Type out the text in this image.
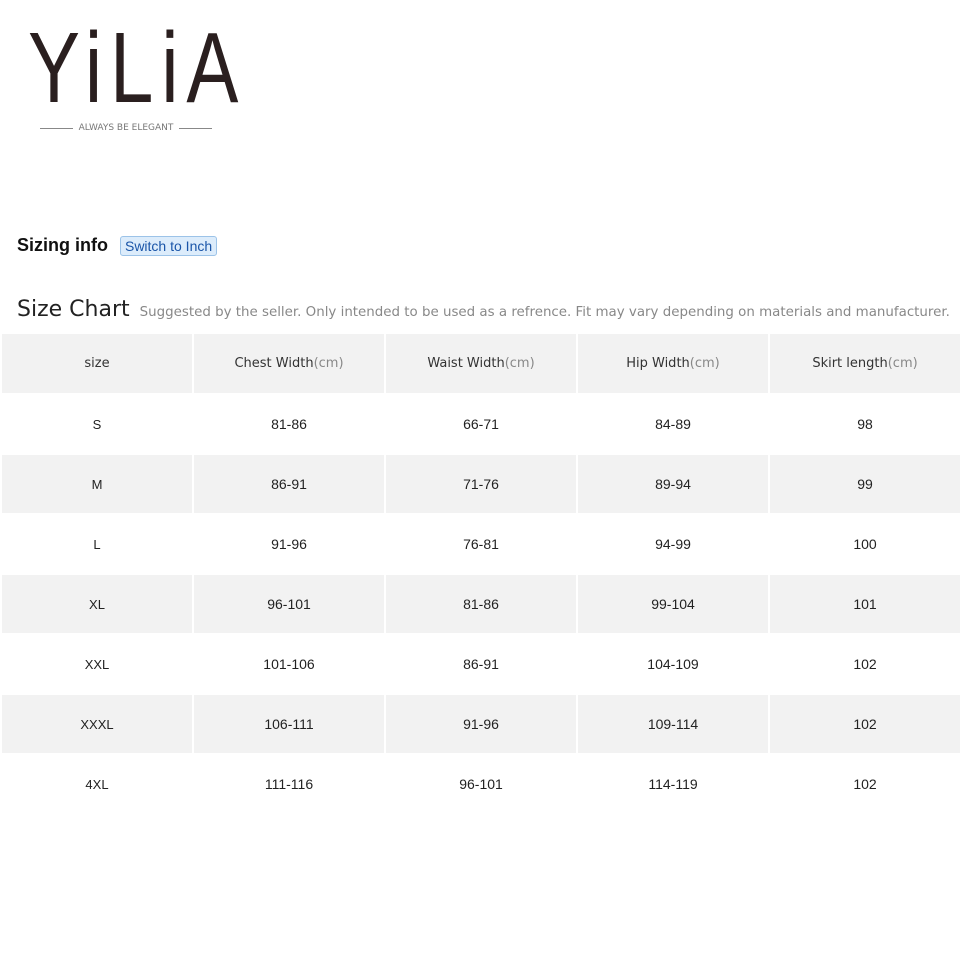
YiLiA
ALWAYS BE ELEGANT
Sizing info	Switch to Inch
Size Chart Suggested by the seller. Only intended to be used as a refrence. Fit may vary depending on materials and manufacturer.
size	Chest Width(cm)	Waist Width(cm)	Hip Width(cm)	Skirt length(cm)
S	81-86	66-71	84-89	98
M	86-91	71-76	89-94	99
L	91-96	76-81	94-99	100
XL	96-101	81-86	99-104	101
XXL	101-106	86-91	104-109	102
XXXL	106-111	91-96	109-114	102
4XL	111-116	96-101	114-119	102
